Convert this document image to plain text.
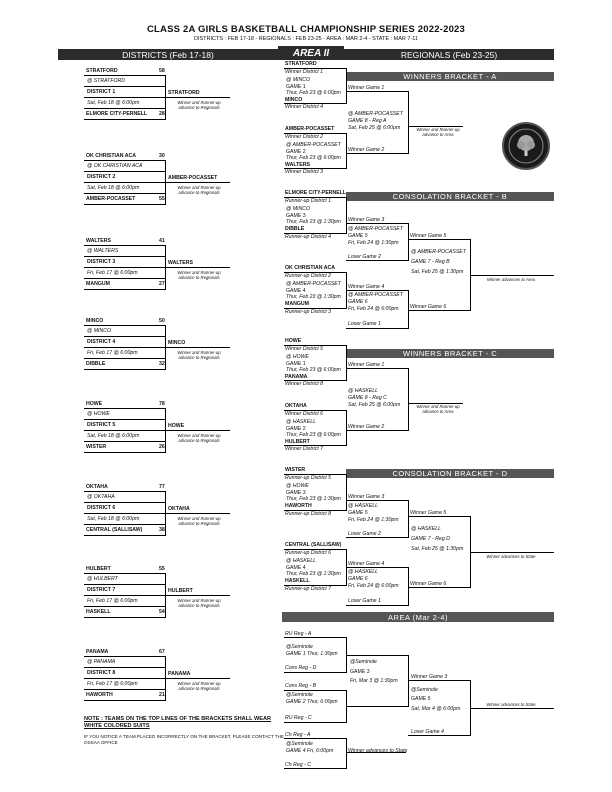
CLASS 2A GIRLS BASKETBALL CHAMPIONSHIP SERIES 2022-2023
DISTRICTS : FEB 17-18 - REGIONALS : FEB 23-25 - AREA : MAR 2-4 - STATE : MAR 7-11
DISTRICTS (Feb 17-18)	AREA II	REGIONALS (Feb 23-25)
STRATFORD	58
@ STRATFORD
DISTRICT 1
Sat, Feb 18 @ 6:00pm
ELMORE CITY-PERNELL 28
STRATFORD
Winner and Runner-up advance to Regionals
OK CHRISTIAN ACA	30
@ OK CHRISTIAN ACA
DISTRICT 2
Sat, Feb 18 @ 6:00pm
AMBER-POCASSET	55
AMBER-POCASSET
Winner and Runner-up advance to Regionals
WALTERS	41
@ WALTERS
DISTRICT 3
Fri, Feb 17 @ 6:00pm
MANGUM	27
WALTERS
Winner and Runner-up advance to Regionals
MINCO	50
@ MINCO
DISTRICT 4
Fri, Feb 17 @ 6:00pm
DIBBLE	32
MINCO
Winner and Runner-up advance to Regionals
HOWE	78
@ HOWE
DISTRICT 5
Sat, Feb 18 @ 6:00pm
WISTER	26
HOWE
Winner and Runner-up advance to Regionals
OKTAHA	77
@ OKTAHA
DISTRICT 6
Sat, Feb 18 @ 6:00pm
CENTRAL (SALLISAW)	38
OKTAHA
Winner and Runner-up advance to Regionals
HULBERT	55
@ HULBERT
DISTRICT 7
Fri, Feb 17 @ 6:00pm
HASKELL	54
HULBERT
Winner and Runner-up advance to Regionals
PANAMA	67
@ PANAMA
DISTRICT 8
Fri, Feb 17 @ 6:00pm
HAWORTH	21
PANAMA
Winner and Runner-up advance to Regionals
NOTE : TEAMS ON THE TOP LINES OF THE BRACKETS SHALL WEAR WHITE COLORED SUITS
IF YOU NOTICE A TEAM PLACED INCORRECTLY ON THE BRACKET, PLEASE CONTACT THE OSSAA OFFICE
WINNERS BRACKET - A
STRATFORD
Winner District 1
@ MINCO
GAME 1
Thur, Feb 23 @ 6:00pm
MINCO
Winner District 4
Winner Game 1
AMBER-POCASSET
Winner District 2
@ AMBER-POCASSET
GAME 2
Thur, Feb 23 @ 6:00pm
WALTERS
Winner District 3
Winner Game 2
@ AMBER-POCASSET
GAME 8 - Reg A
Sat, Feb 25 @ 6:00pm	Winner and Runner-up advance to Area
WINNERS BRACKET - C
HOWE
Winner District 5
@ HOWE
GAME 1
Thur, Feb 23 @ 6:00pm
PANAMA
Winner District 8
Winner Game 1
OKTAHA
Winner District 6
@ HASKELL
GAME 2
Thur, Feb 23 @ 6:00pm
HULBERT
Winner District 7
Winner Game 2
@ HASKELL
GAME 8 - Reg C
Sat, Feb 25 @ 6:00pm	Winner and Runner-up advance to Area
CONSOLATION BRACKET - B
ELMORE CITY-PERNELL
Runner-up District 1
@ MINCO
GAME 3
Thur, Feb 23 @ 1:30pm
DIBBLE
Runner-up District 4
Winner Game 3
@ AMBER-POCASSET
GAME 5
Fri, Feb 24 @ 1:30pm
Loser Game 2
Winner Game 5
OK CHRISTIAN ACA
Runner-up District 2
@ AMBER-POCASSET
GAME 4
Thur, Feb 23 @ 1:30pm
MANGUM
Runner-up District 3
Winner Game 4
@ AMBER-POCASSET
GAME 6
Fri, Feb 24 @ 6:00pm
Loser Game 1
Winner Game 6
@ AMBER-POCASSET
GAME 7 - Reg B
Sat, Feb 25 @ 1:30pm
Winner advances to Area
CONSOLATION BRACKET - D
WISTER
Runner-up District 5
@ HOWE
GAME 3
Thur, Feb 23 @ 1:30pm
HAWORTH
Runner-up District 8
Winner Game 3
@ HASKELL
GAME 5
Fri, Feb 24 @ 1:30pm
Loser Game 2
Winner Game 5
CENTRAL (SALLISAW)
Runner-up District 6
@ HASKELL
GAME 4
Thur, Feb 23 @ 1:30pm
HASKELL
Runner-up District 7
Winner Game 4
@ HASKELL
GAME 6
Fri, Feb 24 @ 6:00pm
Loser Game 1
Winner Game 6
@ HASKELL
GAME 7 - Reg D
Sat, Feb 25 @ 1:30pm
Winner advances to State
AREA (Mar 2-4)
RU Reg - A
@Seminole
GAME 1 Thur, 1:30pm
Cons Reg - D
Cons Reg - B
@Seminole
GAME 2 Thur, 6:00pm
RU Reg - C
@Seminole
GAME 3
Fri, Mar 3 @ 1:30pm
Winner Game 3
@Seminole
GAME 5
Sat, Mar 4 @ 6:00pm
Loser Game 4
Winner advances to State
Ch Reg - A
@Seminole
GAME 4 Fri, 6:00pm
Ch Reg - C
Winner advances to State
